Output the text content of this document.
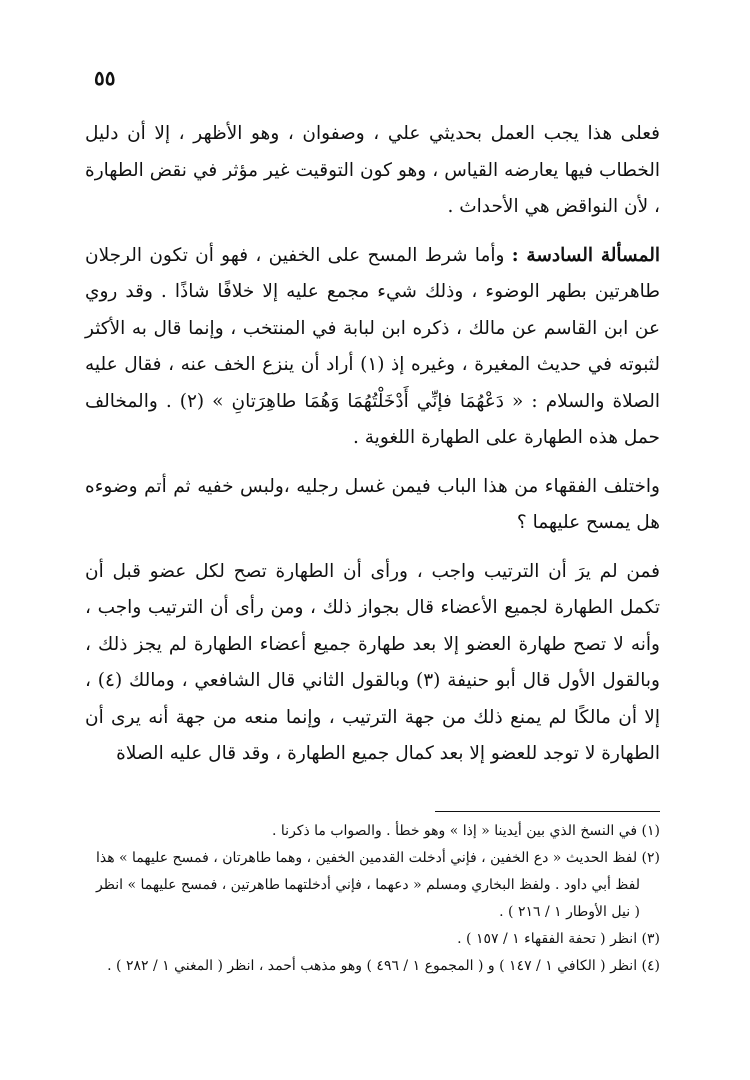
٥٥

فعلى هذا يجب العمل بحديثي علي ، وصفوان ، وهو الأظهر ، إلا أن دليل الخطاب فيها يعارضه القياس ، وهو كون التوقيت غير مؤثر في نقض الطهارة ، لأن النواقض هي الأحداث .

المسألة السادسة : وأما شرط المسح على الخفين ، فهو أن تكون الرجلان طاهرتين بطهر الوضوء ، وذلك شيء مجمع عليه إلا خلافًا شاذًا . وقد روي عن ابن القاسم عن مالك ، ذكره ابن لبابة في المنتخب ، وإنما قال به الأكثر لثبوته في حديث المغيرة ، وغيره إذ (١) أراد أن ينزع الخف عنه ، فقال عليه الصلاة والسلام : « دَعْهُمَا فإنِّي أَدْخَلْتُهُمَا وَهُمَا طاهِرَتانِ » (٢) . والمخالف حمل هذه الطهارة على الطهارة اللغوية .

واختلف الفقهاء من هذا الباب فيمن غسل رجليه ،ولبس خفيه ثم أتم وضوءه هل يمسح عليهما ؟

فمن لم يرَ أن الترتيب واجب ، ورأى أن الطهارة تصح لكل عضو قبل أن تكمل الطهارة لجميع الأعضاء قال بجواز ذلك ، ومن رأى أن الترتيب واجب ، وأنه لا تصح طهارة العضو إلا بعد طهارة جميع أعضاء الطهارة لم يجز ذلك ، وبالقول الأول قال أبو حنيفة (٣) وبالقول الثاني قال الشافعي ، ومالك (٤) ، إلا أن مالكًا لم يمنع ذلك من جهة الترتيب ، وإنما منعه من جهة أنه يرى أن الطهارة لا توجد للعضو إلا بعد كمال جميع الطهارة ، وقد قال عليه الصلاة

(١) في النسخ الذي بين أيدينا « إذا » وهو خطأ . والصواب ما ذكرنا .

(٢) لفظ الحديث « دع الخفين ، فإني أدخلت القدمين الخفين ، وهما طاهرتان ، فمسح عليهما » هذا

لفظ أبي داود . ولفظ البخاري ومسلم « دعهما ، فإني أدخلتهما طاهرتين ، فمسح عليهما » انظر

( نيل الأوطار ١ / ٢١٦ ) .

(٣) انظر ( تحفة الفقهاء ١ / ١٥٧ ) .

(٤) انظر ( الكافي ١ / ١٤٧ ) و ( المجموع ١ / ٤٩٦ ) وهو مذهب أحمد ، انظر ( المغني ١ / ٢٨٢ ) .
